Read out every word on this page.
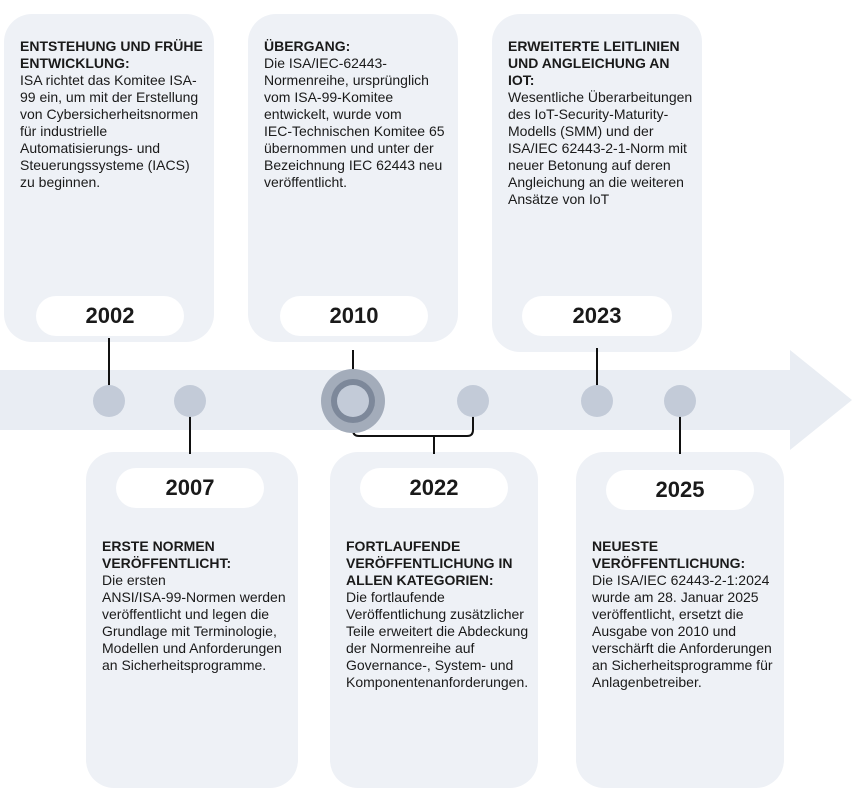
ENTSTEHUNG UND FRÜHE ENTWICKLUNG:
ISA richtet das Komitee ISA-99 ein, um mit der Erstellung von Cybersicherheitsnormen für industrielle Automatisierungs- und Steuerungssysteme (IACS) zu beginnen.
2002
ÜBERGANG:
Die ISA/IEC‑62443-Normenreihe, ursprünglich vom ISA‑99‑Komitee entwickelt, wurde vom IEC‑Technischen Komitee 65 übernommen und unter der Bezeichnung IEC 62443 neu veröffentlicht.
2010
ERWEITERTE LEITLINIEN UND ANGLEICHUNG AN IOT:
Wesentliche Überarbeitungen des IoT-Security-Maturity-Modells (SMM) und der ISA/IEC 62443‑2‑1‑Norm mit neuer Betonung auf deren Angleichung an die weiteren Ansätze von IoT
2023
2007
ERSTE NORMEN VERÖFFENTLICHT:
Die ersten ANSI/ISA‑99‑Normen werden veröffentlicht und legen die Grundlage mit Terminologie, Modellen und Anforderungen an Sicherheitsprogramme.
2022
FORTLAUFENDE VERÖFFENTLICHUNG IN ALLEN KATEGORIEN:
Die fortlaufende Veröffentlichung zusätzlicher Teile erweitert die Abdeckung der Normenreihe auf Governance‑, System- und Komponentenanforderungen.
2025
NEUESTE VERÖFFENTLICHUNG:
Die ISA/IEC 62443-2-1:2024 wurde am 28. Januar 2025 veröffentlicht, ersetzt die Ausgabe von 2010 und verschärft die Anforderungen an Sicherheitsprogramme für Anlagenbetreiber.
